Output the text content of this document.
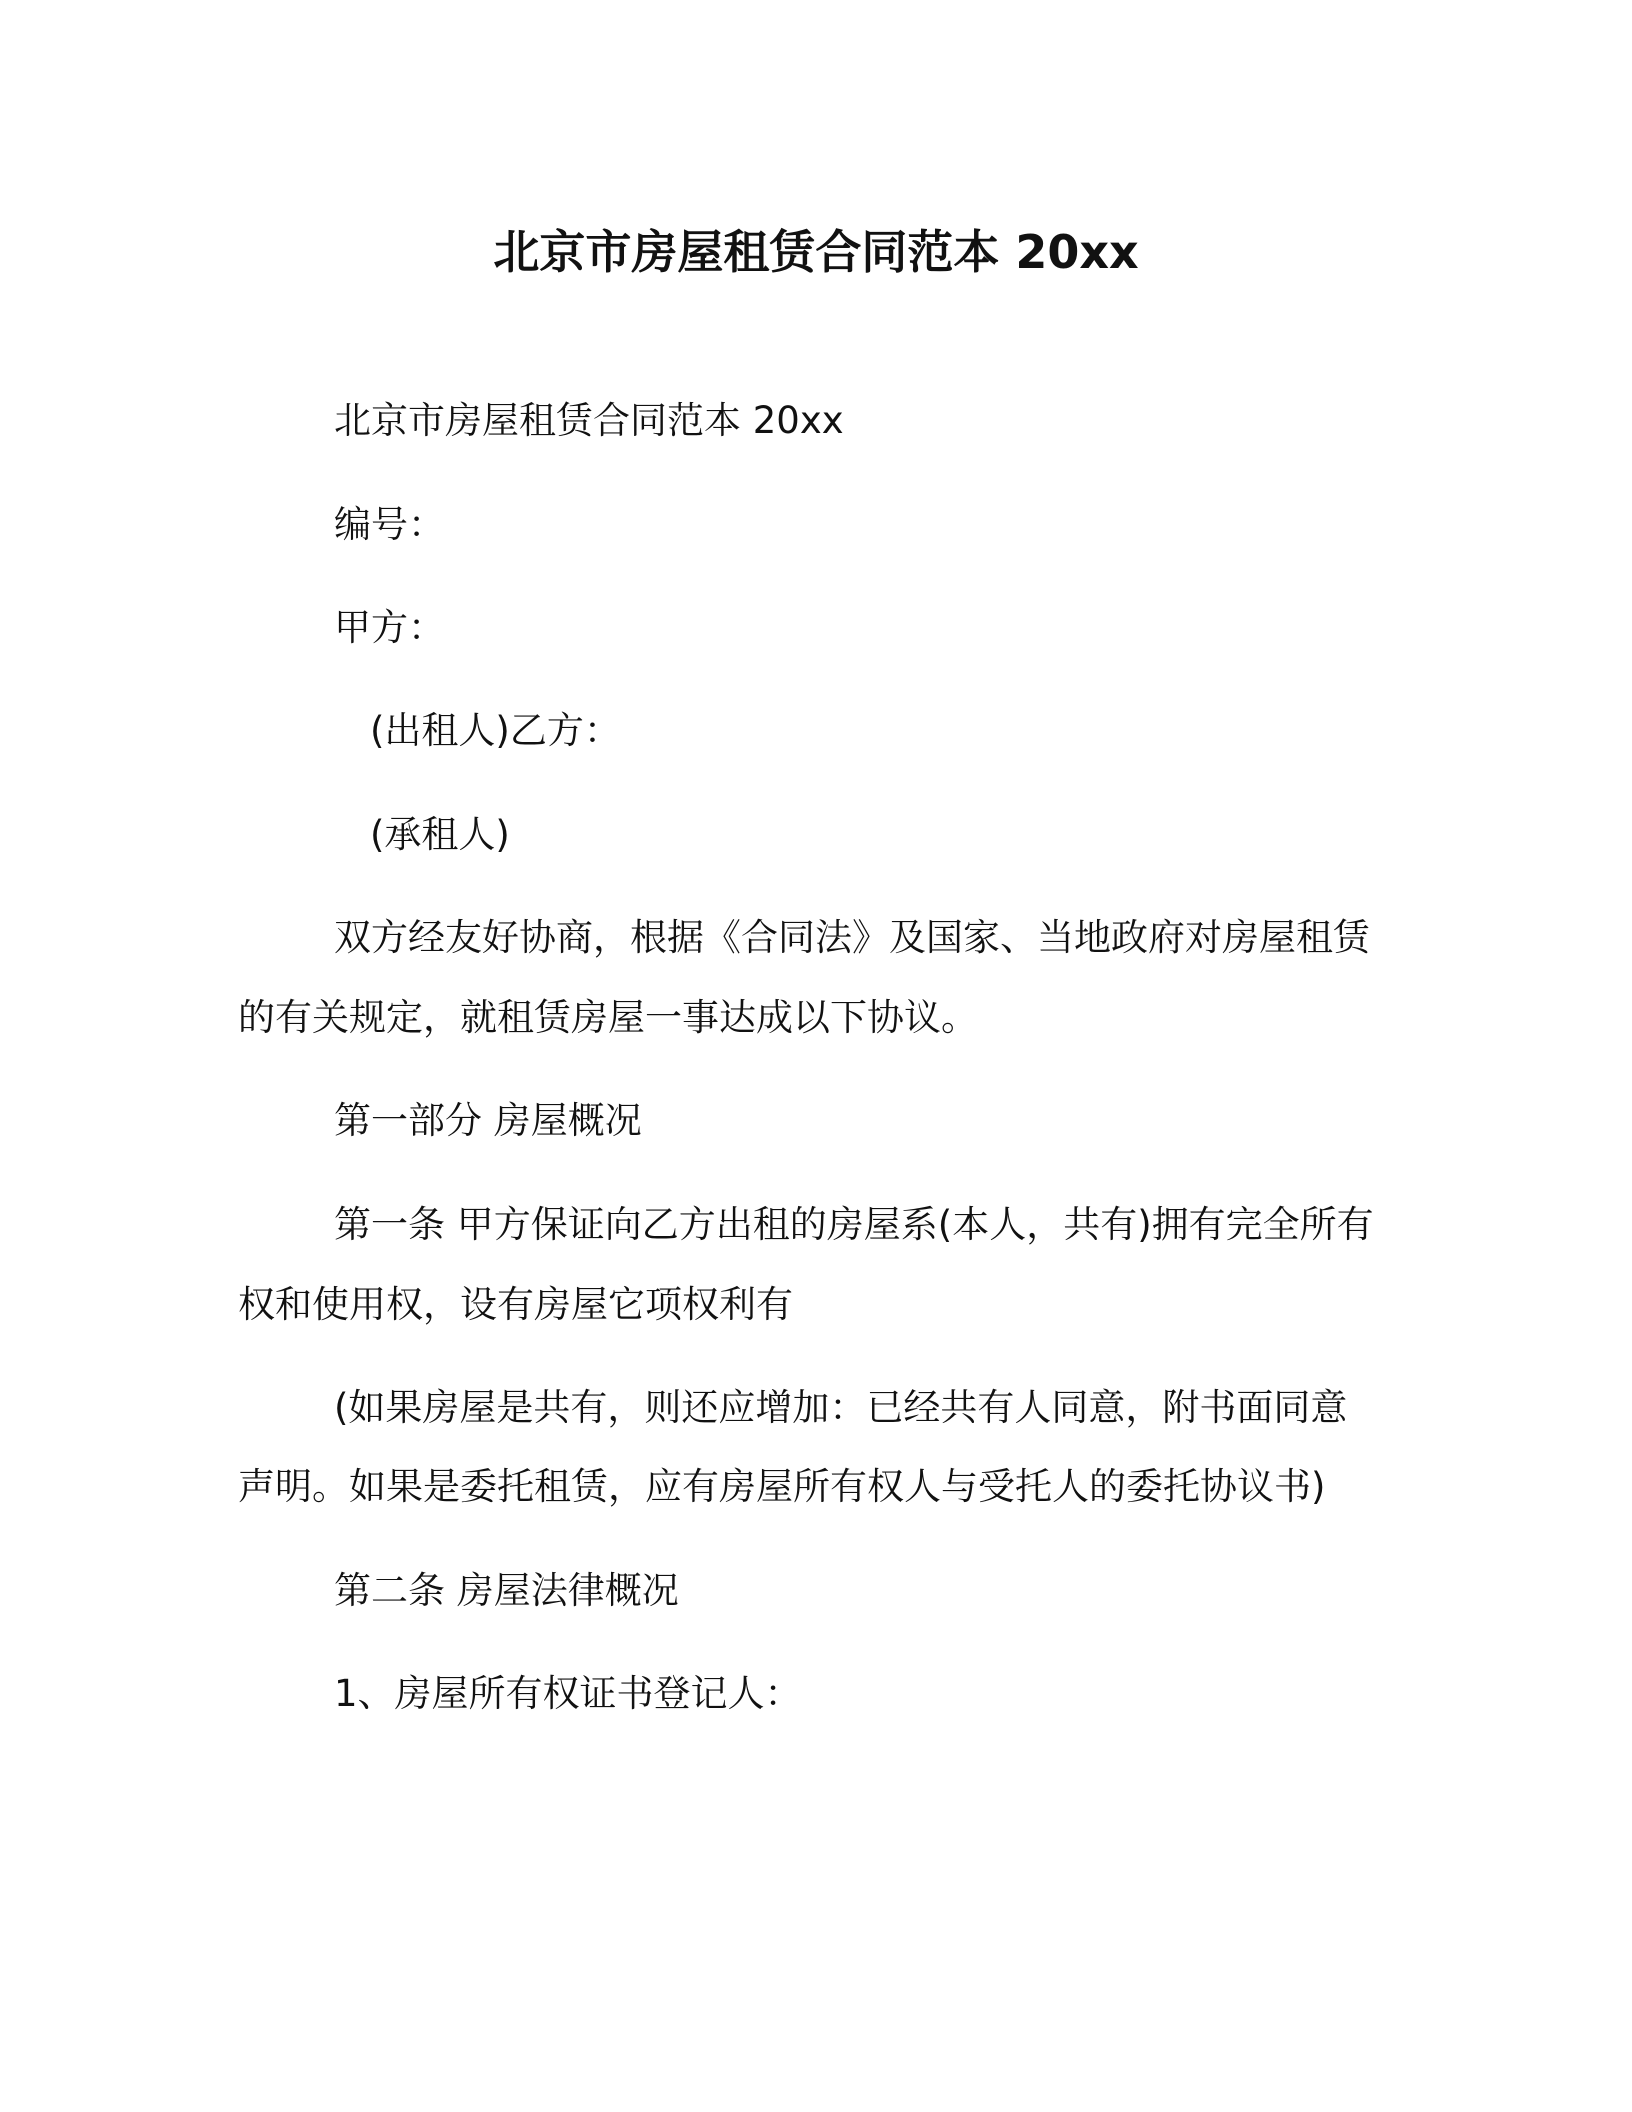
北京市房屋租赁合同范本 20xx
北京市房屋租赁合同范本 20xx
编号：
甲方：
(出租人)乙方：
(承租人)
双方经友好协商，根据《合同法》及国家、当地政府对房屋租赁
的有关规定，就租赁房屋一事达成以下协议。
第一部分 房屋概况
第一条 甲方保证向乙方出租的房屋系(本人，共有)拥有完全所有
权和使用权，设有房屋它项权利有
(如果房屋是共有，则还应增加：已经共有人同意，附书面同意
声明。如果是委托租赁，应有房屋所有权人与受托人的委托协议书)
第二条 房屋法律概况
1、房屋所有权证书登记人：
